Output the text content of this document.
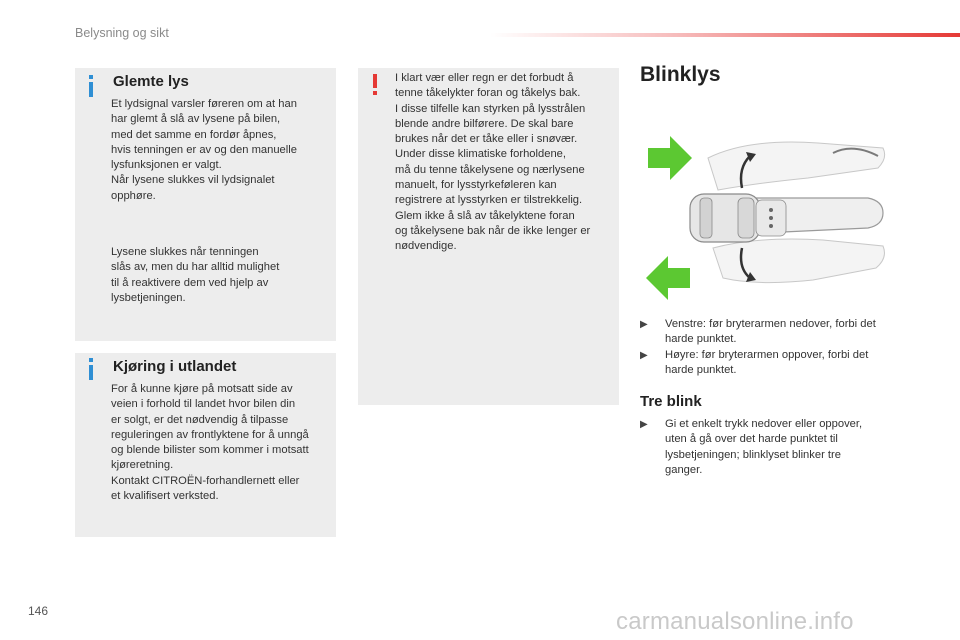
Belysning og sikt
Glemte lys
Et lydsignal varsler føreren om at han
har glemt å slå av lysene på bilen,
med det samme en fordør åpnes,
hvis tenningen er av og den manuelle
lysfunksjonen er valgt.
Når lysene slukkes vil lydsignalet
opphøre.
Lysene slukkes når tenningen
slås av, men du har alltid mulighet
til å reaktivere dem ved hjelp av
lysbetjeningen.
Kjøring i utlandet
For å kunne kjøre på motsatt side av
veien i forhold til landet hvor bilen din
er solgt, er det nødvendig å tilpasse
reguleringen av frontlyktene for å unngå
og blende bilister som kommer i motsatt
kjøreretning.
Kontakt CITROËN-forhandlernett eller
et kvalifisert verksted.
I klart vær eller regn er det forbudt å
tenne tåkelykter foran og tåkelys bak.
I disse tilfelle kan styrken på lysstrålen
blende andre bilførere. De skal bare
brukes når det er tåke eller i snøvær.
Under disse klimatiske forholdene,
må du tenne tåkelysene og nærlysene
manuelt, for lysstyrkeføleren kan
registrere at lysstyrken er tilstrekkelig.
Glem ikke å slå av tåkelyktene foran
og tåkelysene bak når de ikke lenger er
nødvendige.
Blinklys
▶ Venstre: før bryterarmen nedover, forbi det
harde punktet.
▶ Høyre: før bryterarmen oppover, forbi det
harde punktet.
Tre blink
▶ Gi et enkelt trykk nedover eller oppover,
uten å gå over det harde punktet til
lysbetjeningen; blinklyset blinker tre
ganger.
146	carmanualsonline.info
